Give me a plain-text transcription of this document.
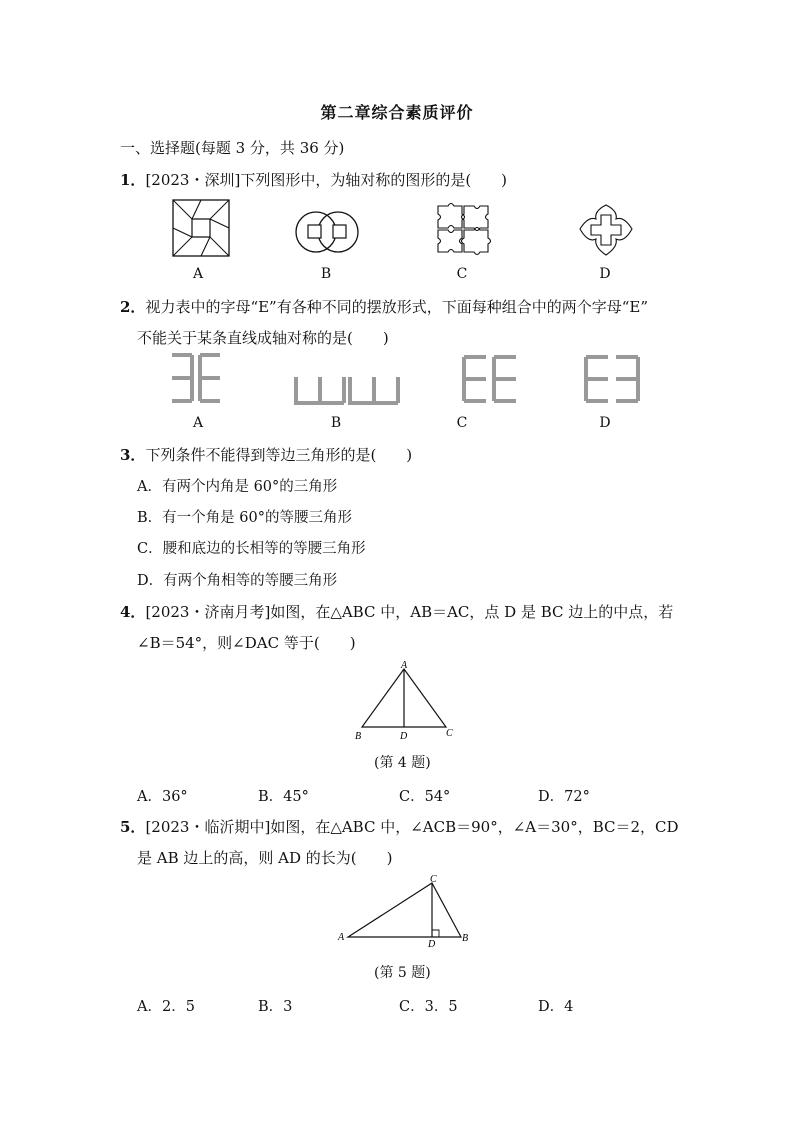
第二章综合素质评价
一、选择题(每题 3 分，共 36 分)
1．[2023・深圳]下列图形中，为轴对称的图形的是(　　)
A	B	C	D
2．视力表中的字母“E”有各种不同的摆放形式，下面每种组合中的两个字母“E”
不能关于某条直线成轴对称的是(　　)
A	B	C	D
3．下列条件不能得到等边三角形的是(　　)
A．有两个内角是 60°的三角形
B．有一个角是 60°的等腰三角形
C．腰和底边的长相等的等腰三角形
D．有两个角相等的等腰三角形
4．[2023・济南月考]如图，在△ABC 中，AB＝AC，点 D 是 BC 边上的中点，若
∠B＝54°，则∠DAC 等于(　　)
A
B	D	C
(第 4 题)
A．36°	B．45°	C．54°	D．72°
5．[2023・临沂期中]如图，在△ABC 中，∠ACB＝90°，∠A＝30°，BC＝2，CD
是 AB 边上的高，则 AD 的长为(　　)
A	B
C
D
(第 5 题)
A．2．5	B．3	C．3．5	D．4
